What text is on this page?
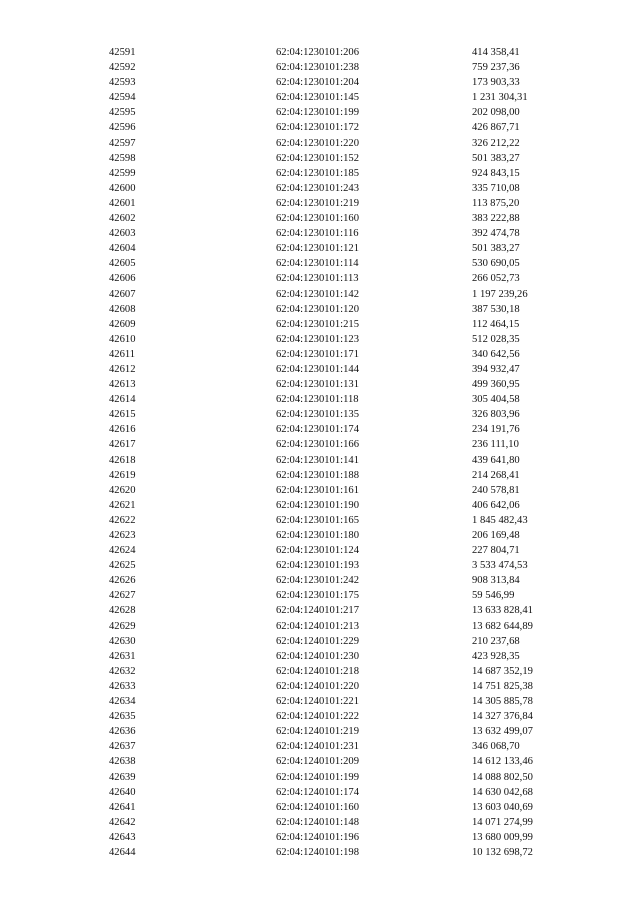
42591	62:04:1230101:206	414 358,41
42592	62:04:1230101:238	759 237,36
42593	62:04:1230101:204	173 903,33
42594	62:04:1230101:145	1 231 304,31
42595	62:04:1230101:199	202 098,00
42596	62:04:1230101:172	426 867,71
42597	62:04:1230101:220	326 212,22
42598	62:04:1230101:152	501 383,27
42599	62:04:1230101:185	924 843,15
42600	62:04:1230101:243	335 710,08
42601	62:04:1230101:219	113 875,20
42602	62:04:1230101:160	383 222,88
42603	62:04:1230101:116	392 474,78
42604	62:04:1230101:121	501 383,27
42605	62:04:1230101:114	530 690,05
42606	62:04:1230101:113	266 052,73
42607	62:04:1230101:142	1 197 239,26
42608	62:04:1230101:120	387 530,18
42609	62:04:1230101:215	112 464,15
42610	62:04:1230101:123	512 028,35
42611	62:04:1230101:171	340 642,56
42612	62:04:1230101:144	394 932,47
42613	62:04:1230101:131	499 360,95
42614	62:04:1230101:118	305 404,58
42615	62:04:1230101:135	326 803,96
42616	62:04:1230101:174	234 191,76
42617	62:04:1230101:166	236 111,10
42618	62:04:1230101:141	439 641,80
42619	62:04:1230101:188	214 268,41
42620	62:04:1230101:161	240 578,81
42621	62:04:1230101:190	406 642,06
42622	62:04:1230101:165	1 845 482,43
42623	62:04:1230101:180	206 169,48
42624	62:04:1230101:124	227 804,71
42625	62:04:1230101:193	3 533 474,53
42626	62:04:1230101:242	908 313,84
42627	62:04:1230101:175	59 546,99
42628	62:04:1240101:217	13 633 828,41
42629	62:04:1240101:213	13 682 644,89
42630	62:04:1240101:229	210 237,68
42631	62:04:1240101:230	423 928,35
42632	62:04:1240101:218	14 687 352,19
42633	62:04:1240101:220	14 751 825,38
42634	62:04:1240101:221	14 305 885,78
42635	62:04:1240101:222	14 327 376,84
42636	62:04:1240101:219	13 632 499,07
42637	62:04:1240101:231	346 068,70
42638	62:04:1240101:209	14 612 133,46
42639	62:04:1240101:199	14 088 802,50
42640	62:04:1240101:174	14 630 042,68
42641	62:04:1240101:160	13 603 040,69
42642	62:04:1240101:148	14 071 274,99
42643	62:04:1240101:196	13 680 009,99
42644	62:04:1240101:198	10 132 698,72
